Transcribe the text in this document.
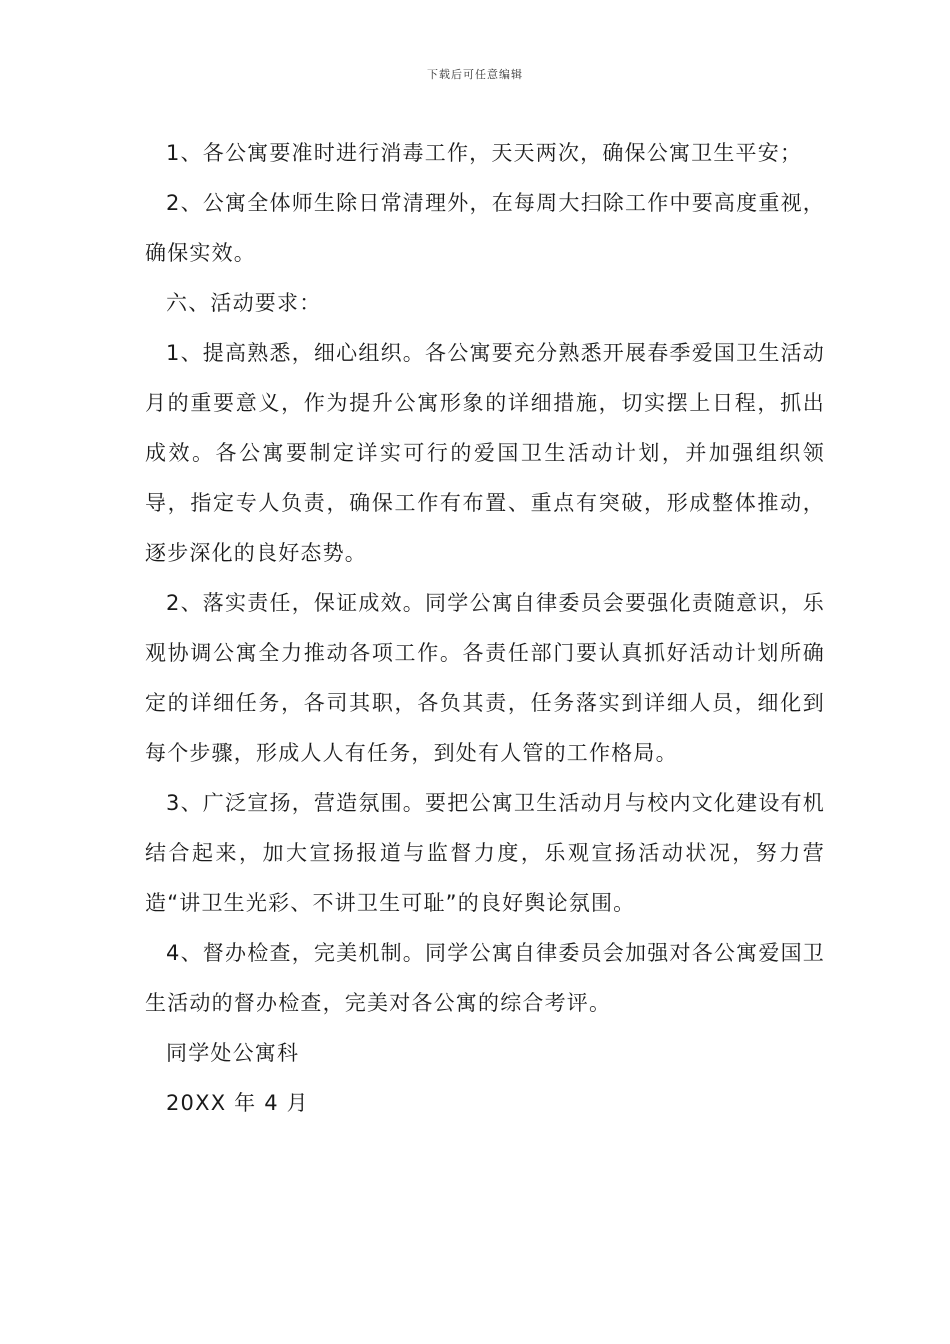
下载后可任意编辑

1、各公寓要准时进行消毒工作，天天两次，确保公寓卫生平安；

2、公寓全体师生除日常清理外，在每周大扫除工作中要高度重视，确保实效。

六、活动要求：

1、提高熟悉，细心组织。各公寓要充分熟悉开展春季爱国卫生活动月的重要意义，作为提升公寓形象的详细措施，切实摆上日程，抓出成效。各公寓要制定详实可行的爱国卫生活动计划，并加强组织领导，指定专人负责，确保工作有布置、重点有突破，形成整体推动，逐步深化的良好态势。

2、落实责任，保证成效。同学公寓自律委员会要强化责随意识，乐观协调公寓全力推动各项工作。各责任部门要认真抓好活动计划所确定的详细任务，各司其职，各负其责，任务落实到详细人员，细化到每个步骤，形成人人有任务，到处有人管的工作格局。

3、广泛宣扬，营造氛围。要把公寓卫生活动月与校内文化建设有机结合起来，加大宣扬报道与监督力度，乐观宣扬活动状况，努力营造“讲卫生光彩、不讲卫生可耻”的良好舆论氛围。

4、督办检查，完美机制。同学公寓自律委员会加强对各公寓爱国卫生活动的督办检查，完美对各公寓的综合考评。

同学处公寓科

20XX 年 4 月
